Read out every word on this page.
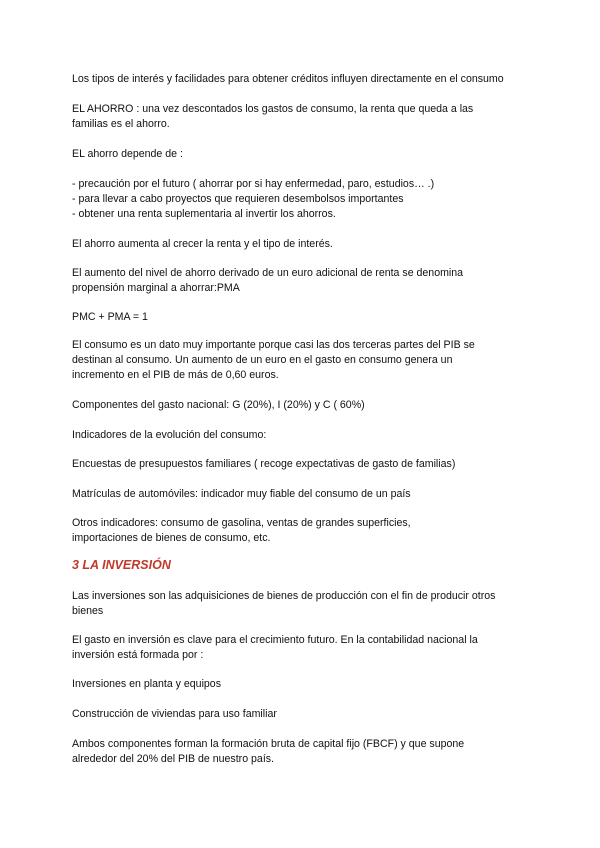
Los tipos de interés y facilidades para obtener créditos influyen directamente en el consumo

EL AHORRO : una vez descontados los gastos de consumo, la renta que queda a las
familias es el ahorro.

EL ahorro depende de :

- precaución por el futuro ( ahorrar por si hay enfermedad, paro, estudios… .)
- para llevar a cabo proyectos que requieren desembolsos importantes
- obtener una renta suplementaria al invertir los ahorros.

El ahorro aumenta al crecer la renta y el tipo de interés.

El aumento del nivel de ahorro derivado de un euro adicional de renta se denomina
propensión marginal a ahorrar:PMA

PMC + PMA = 1

El consumo es un dato muy importante porque casi las dos terceras partes del PIB se
destinan al consumo. Un aumento de un euro en el gasto en consumo genera un
incremento en el PIB de más de 0,60 euros.

Componentes del gasto nacional: G (20%), I (20%) y C ( 60%)

Indicadores de la evolución del consumo:

Encuestas de presupuestos familiares ( recoge expectativas de gasto de familias)

Matrículas de automóviles: indicador muy fiable del consumo de un país

Otros indicadores: consumo de gasolina, ventas de grandes superficies,
importaciones de bienes de consumo, etc.

3 LA INVERSIÓN

Las inversiones son las adquisiciones de bienes de producción con el fin de producir otros
bienes

El gasto en inversión es clave para el crecimiento futuro. En la contabilidad nacional la
inversión está formada por :

Inversiones en planta y equipos

Construcción de viviendas para uso familiar

Ambos componentes forman la formación bruta de capital fijo (FBCF) y que supone
alrededor del 20% del PIB de nuestro país.
